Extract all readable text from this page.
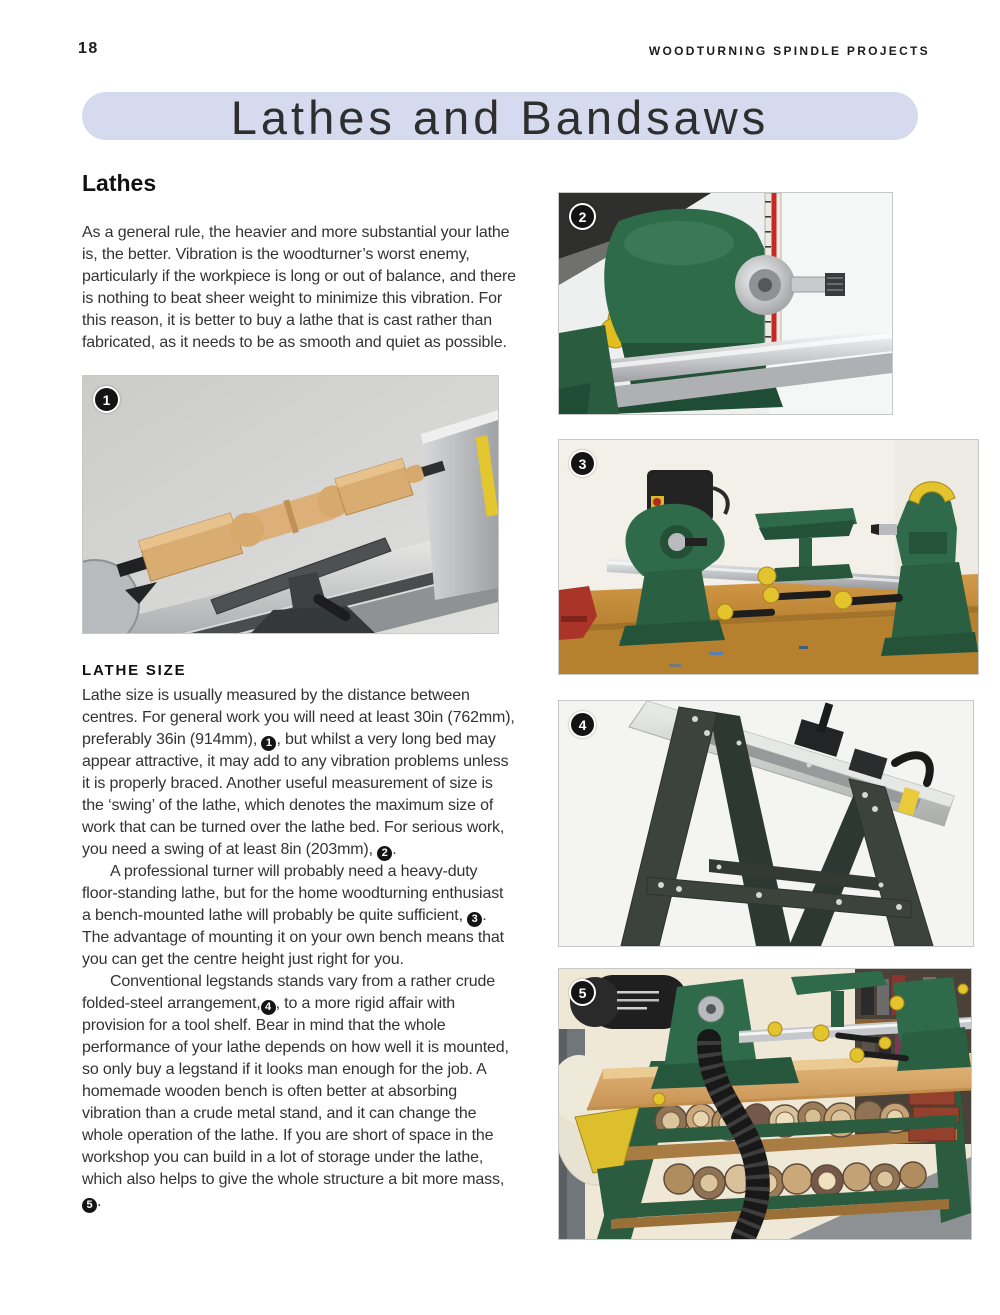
18	WOODTURNING SPINDLE PROJECTS
Lathes and Bandsaws
Lathes

As a general rule, the heavier and more substantial your lathe is, the better. Vibration is the woodturner’s worst enemy, particularly if the workpiece is long or out of balance, and there is nothing to beat sheer weight to minimize this vibration. For this reason, it is better to buy a lathe that is cast rather than fabricated, as it needs to be as smooth and quiet as possible.

1
LATHE SIZE

Lathe size is usually measured by the distance between centres. For general work you will need at least 30in (762mm), preferably 36in (914mm), 1 , but whilst a very long bed may appear attractive, it may add to any vibration problems unless it is properly braced. Another useful measurement of size is the ‘swing’ of the lathe, which denotes the maximum size of work that can be turned over the lathe bed. For serious work, you need a swing of at least 8in (203mm), 2 .

A professional turner will probably need a heavy-duty floor-standing lathe, but for the home woodturning enthusiast a bench-mounted lathe will probably be quite sufficient, 3 . The advantage of mounting it on your own bench means that you can get the centre height just right for you.

Conventional legstands stands vary from a rather crude folded-steel arrangement, 4 , to a more rigid affair with provision for a tool shelf. Bear in mind that the whole performance of your lathe depends on how well it is mounted, so only buy a legstand if it looks man enough for the job. A homemade wooden bench is often better at absorbing vibration than a crude metal stand, and it can change the whole operation of the lathe. If you are short of space in the workshop you can build in a lot of storage under the lathe, which also helps to give the whole structure a bit more mass, 5 .

2
3
4
5
